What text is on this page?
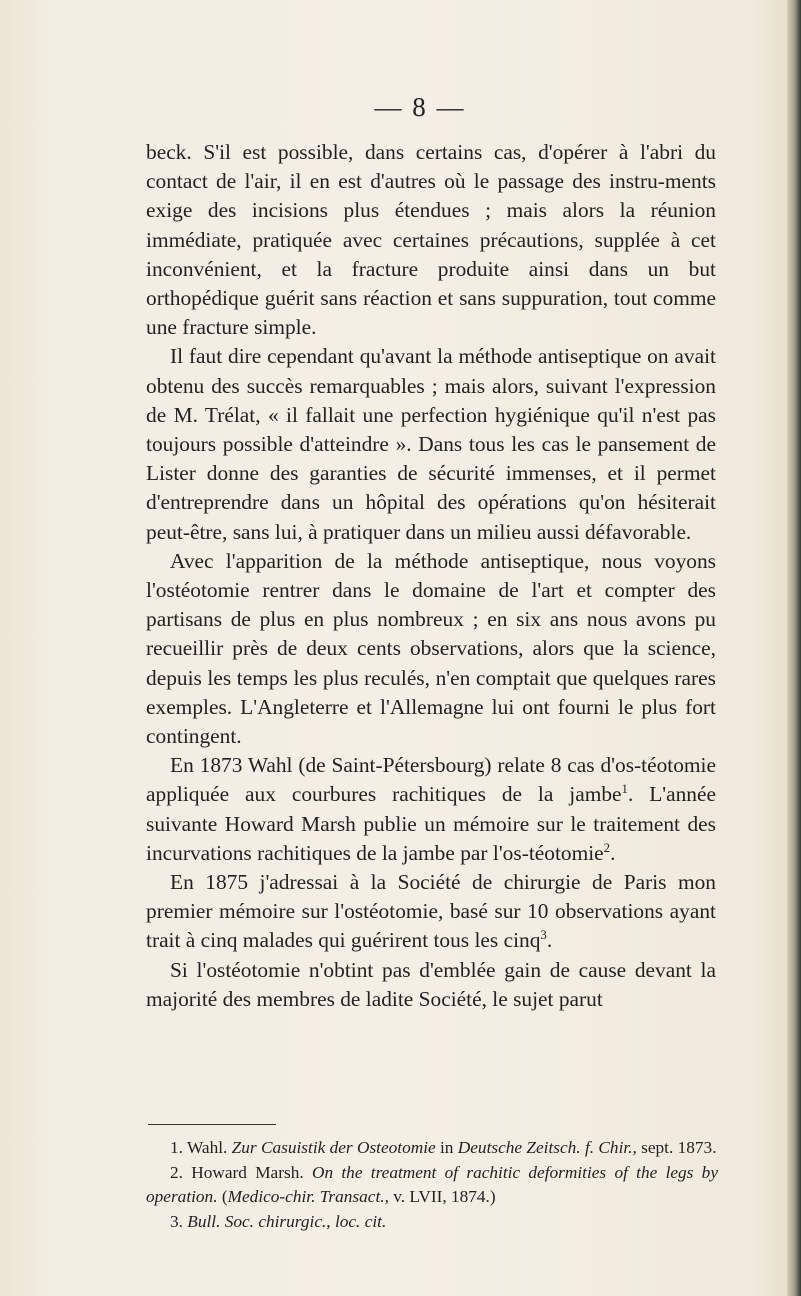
— 8 —

beck. S'il est possible, dans certains cas, d'opérer à l'abri du contact de l'air, il en est d'autres où le passage des instru-ments exige des incisions plus étendues ; mais alors la réunion immédiate, pratiquée avec certaines précautions, supplée à cet inconvénient, et la fracture produite ainsi dans un but orthopédique guérit sans réaction et sans suppuration, tout comme une fracture simple.

Il faut dire cependant qu'avant la méthode antiseptique on avait obtenu des succès remarquables ; mais alors, suivant l'expression de M. Trélat, « il fallait une perfection hygiénique qu'il n'est pas toujours possible d'atteindre ». Dans tous les cas le pansement de Lister donne des garanties de sécurité immenses, et il permet d'entreprendre dans un hôpital des opérations qu'on hésiterait peut-être, sans lui, à pratiquer dans un milieu aussi défavorable.

Avec l'apparition de la méthode antiseptique, nous voyons l'ostéotomie rentrer dans le domaine de l'art et compter des partisans de plus en plus nombreux ; en six ans nous avons pu recueillir près de deux cents observations, alors que la science, depuis les temps les plus reculés, n'en comptait que quelques rares exemples. L'Angleterre et l'Allemagne lui ont fourni le plus fort contingent.

En 1873 Wahl (de Saint-Pétersbourg) relate 8 cas d'os-téotomie appliquée aux courbures rachitiques de la jambe$^1$. L'année suivante Howard Marsh publie un mémoire sur le traitement des incurvations rachitiques de la jambe par l'os-téotomie$^2$.

En 1875 j'adressai à la Société de chirurgie de Paris mon premier mémoire sur l'ostéotomie, basé sur 10 observations ayant trait à cinq malades qui guérirent tous les cinq$^3$.

Si l'ostéotomie n'obtint pas d'emblée gain de cause devant la majorité des membres de ladite Société, le sujet parut

1. Wahl. Zur Casuistik der Osteotomie in Deutsche Zeitsch. f. Chir., sept. 1873.

2. Howard Marsh. On the treatment of rachitic deformities of the legs by operation. (Medico-chir. Transact., v. LVII, 1874.)

3. Bull. Soc. chirurgic., loc. cit.
